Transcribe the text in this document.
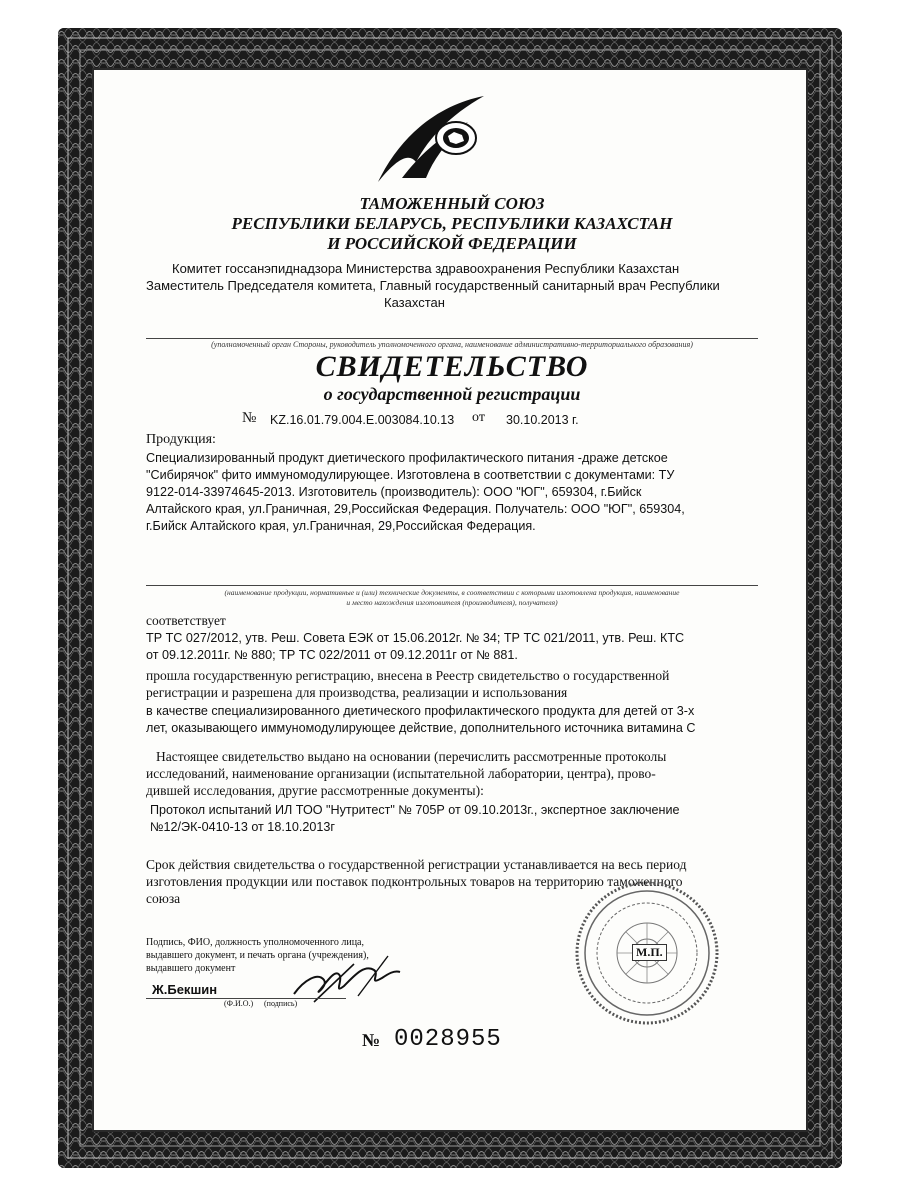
ТАМОЖЕННЫЙ СОЮЗ
РЕСПУБЛИКИ БЕЛАРУСЬ, РЕСПУБЛИКИ КАЗАХСТАН
И РОССИЙСКОЙ ФЕДЕРАЦИИ
Комитет госсанэпиднадзора Министерства здравоохранения Республики Казахстан
Заместитель Председателя комитета, Главный государственный санитарный врач Республики
Казахстан
(уполномоченный орган Стороны, руководитель уполномоченного органа, наименование административно-территориального образования)
СВИДЕТЕЛЬСТВО
о государственной регистрации
№ KZ.16.01.79.004.E.003084.10.13 от 30.10.2013 г.
Продукция:
Специализированный продукт диетического профилактического питания -драже детское
"Сибирячок" фито иммуномодулирующее. Изготовлена в соответствии с документами: ТУ
9122-014-33974645-2013. Изготовитель (производитель): ООО "ЮГ", 659304, г.Бийск
Алтайского края, ул.Граничная, 29,Российская Федерация. Получатель: ООО "ЮГ", 659304,
г.Бийск Алтайского края, ул.Граничная, 29,Российская Федерация.
(наименование продукции, нормативные и (или) технические документы, в соответствии с которыми изготовлена продукция, наименование
и место нахождения изготовителя (производителя), получателя)
соответствует
ТР ТС 027/2012, утв. Реш. Совета ЕЭК от 15.06.2012г. № 34; ТР ТС 021/2011, утв. Реш. КТС
от 09.12.2011г. № 880; ТР ТС 022/2011 от 09.12.2011г от № 881.
прошла государственную регистрацию, внесена в Реестр свидетельство о государственной
регистрации и разрешена для производства, реализации и использования
в качестве специализированного диетического профилактического продукта для детей от 3-х
лет, оказывающего иммуномодулирующее действие, дополнительного источника витамина С
Настоящее свидетельство выдано на основании (перечислить рассмотренные протоколы
исследований, наименование организации (испытательной лаборатории, центра), прово-
дившей исследования, другие рассмотренные документы):
Протокол испытаний ИЛ ТОО "Нутритест" № 705Р от 09.10.2013г., экспертное заключение
№12/ЭК-0410-13 от 18.10.2013г
Срок действия свидетельства о государственной регистрации устанавливается на весь период
изготовления продукции или поставок подконтрольных товаров на территорию таможенного
союза
Подпись, ФИО, должность уполномоченного лица,
выдавшего документ, и печать органа (учреждения),
выдавшего документ
Ж.Бекшин
(Ф.И.О.) (подпись)
М.П.
№ 0028955
